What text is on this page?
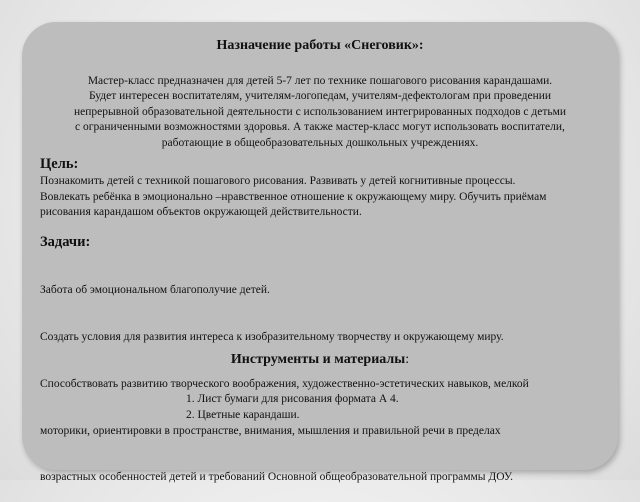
Назначение работы «Снеговик»:
Мастер-класс предназначен для детей 5-7 лет по технике пошагового рисования карандашами.
Будет интересен воспитателям, учителям-логопедам, учителям-дефектологам при проведении
непрерывной образовательной деятельности с использованием интегрированных подходов с детьми
с ограниченными возможностями здоровья. А также мастер-класс могут использовать воспитатели,
работающие в общеобразовательных дошкольных учреждениях.
Цель:
Познакомить детей с техникой пошагового рисования. Развивать у детей когнитивные процессы.
Вовлекать ребёнка в эмоционально –нравственное отношение к окружающему миру. Обучить приёмам
рисования карандашом объектов окружающей действительности.
Задачи:

Забота об эмоциональном благополучие детей.

Создать условия для развития интереса к изобразительному творчеству и окружающему миру.

Способствовать развитию творческого воображения, художественно-эстетических навыков, мелкой

моторики, ориентировки в пространстве, внимания, мышления и правильной речи в пределах

возрастных особенностей детей и требований Основной общеобразовательной программы ДОУ.

Инструменты и материалы:
1. Лист бумаги для рисования формата А 4.
2. Цветные карандаши.
